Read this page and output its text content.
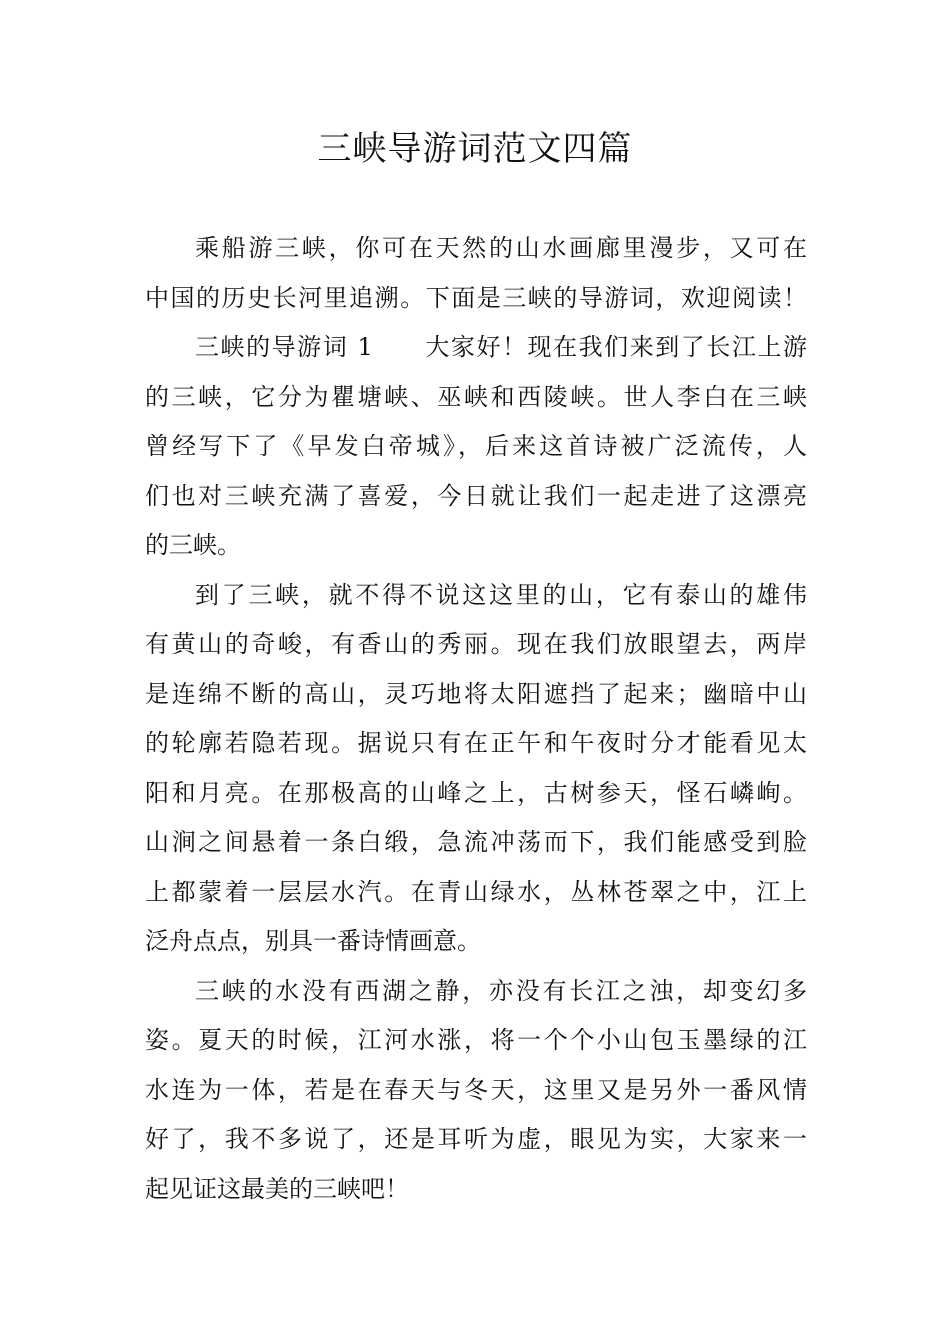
三峡导游词范文四篇
乘船游三峡，你可在天然的山水画廊里漫步，又可在
中国的历史长河里追溯。下面是三峡的导游词，欢迎阅读！
三峡的导游词 1　　大家好！现在我们来到了长江上游
的三峡，它分为瞿塘峡、巫峡和西陵峡。世人李白在三峡
曾经写下了《早发白帝城》，后来这首诗被广泛流传，人
们也对三峡充满了喜爱，今日就让我们一起走进了这漂亮
的三峡。
到了三峡，就不得不说这这里的山，它有泰山的雄伟
有黄山的奇峻，有香山的秀丽。现在我们放眼望去，两岸
是连绵不断的高山，灵巧地将太阳遮挡了起来；幽暗中山
的轮廓若隐若现。据说只有在正午和午夜时分才能看见太
阳和月亮。在那极高的山峰之上，古树参天，怪石嶙峋。
山涧之间悬着一条白缎，急流冲荡而下，我们能感受到脸
上都蒙着一层层水汽。在青山绿水，丛林苍翠之中，江上
泛舟点点，别具一番诗情画意。
三峡的水没有西湖之静，亦没有长江之浊，却变幻多
姿。夏天的时候，江河水涨，将一个个小山包玉墨绿的江
水连为一体，若是在春天与冬天，这里又是另外一番风情
好了，我不多说了，还是耳听为虚，眼见为实，大家来一
起见证这最美的三峡吧！
